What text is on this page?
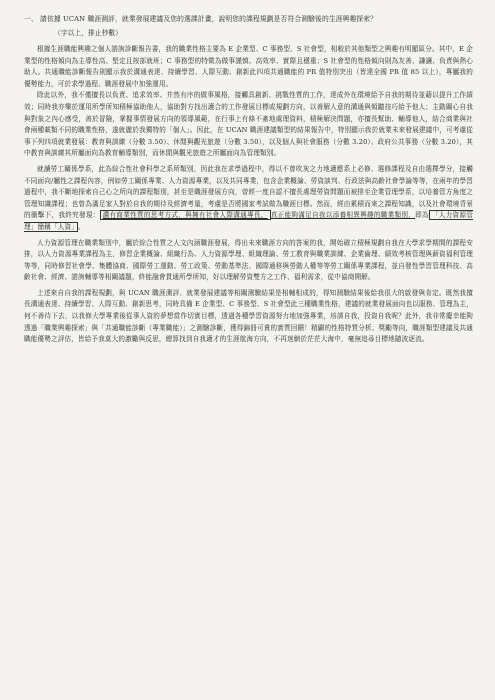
一、 請依據 UCAN 職涯測評，就業發展建議及您的選課計畫，說明您的課程規劃是否符合測驗後的生涯興趣探索？

（字以上，排止杪數）

根據生涯職能興趣之個人諮詢診斷報告書，我的職業性格主要為 E 企業型、C 事務型、S 社會型，相較於其他類型之興趣有明顯區分。其中，E 企業型的性格傾向為主導性高、堅定且按部就班；C 事務型的特徵為做事謹慎、高效率、實際且穩重；S 社會型的性格傾向則為友善、謙讓、負責與熱心助人。共通職能診斷報告則顯示我於溝通表達、持續學習、人際互動、創新此四項共通職能的 PR 值特別突出（皆達全國 PR 值 85 以上），專屬我的優勢能力，可於求學過程、職涯發展中加強運用。

除此以外，我不僅擅長以負責、追求效率、井然有序的做事風格，接觸具創新、挑戰性質的工作，達成外在環境給予自我的期待並藉以提升工作績效；同時我亦樂於運用所學所知積極協助他人，協助對方找出適合的工作發展目標或規劃方向，以善解人意的溝通與傾聽技巧給予他人；主動關心自我與對象之內心感受，善於冒險，掌握事情發展方向的領導風範，在行事上有條不紊地處理資料，積極解決問題，亦擅長幫助、輔導他人，結合商業與社會兩種載類不同的職業性格，遂就麗於我獨特的「個人」。因此，在 UCAN 職涯建議類型的結果報告中，特別顯示我於就業未來發展建議中，可考慮從事下列四項就業發展：教育與訓練（分數 3.50）、休閒與觀光旅遊（分數 3.50），以及個人與社會服務（分數 3.20）、政府公共事務（分數 3.20），其中教育與訓練其所屬面向為教育輔導類別，而休閒與觀光旅遊之所屬面向為管理類別。

就讀勞工關係學系，此為綜合性社會科學之系所類別，因此我在求學過程中，得以不曾吹灰之力地適應系上必修、選修課程及自由選擇學分，接觸不同面向/屬性之課程內容，例如勞工關係專業、人力資源專業，以及共同專業，包含企業概論、勞資談判、行政法與高齡社會學論等等，在兩年的學習過程中，我不斷地探索自己心之所向的課程類別，甚至是職涯發展方向，曾經一度自認不擅長處理勞資問題而被排至企業管理學系，以培養管方角度之管理知識課程；也曾為滿足家人對於自我的期待及經濟考量，考慮是否將國家考試做為職涯目標。然而，經由累積而來之課程知識，以及社會環境背景的衝擊下，我終究發現： 濃有商業性質的思考方式，與擁有社會人際溝通專長， 真正能夠滿足自我以添養相異興趣的職業類別，即為 「人力資源管理」簡稱「人資」 。

人力資源管理在職業類別中，屬於綜合性質之人文內涵職涯發展，得出未來職涯方向的答案的我，開始確立積極規劃自我在大學求學期間的課程安排，以人力資源專業課程為主，修習企業概論、組織行為、人力資源學理、組織理論、勞工教育與職業訓練、企業倫理、績效考核管理與薪資福利管理等等，同時修習社會學、集體協商、國際勞工運動、勞工政策、勞動基準法、國際通移與勞動人權等等勞工關係專業課程，並自發性學習管理科技、高齡社會、經濟、諮詢輔導等相關議題，終能融會貫通所學所知，好以理解勞資雙方之工作、福利需求，從中協商開解。

上述來自自我的課程規劃，與 UCAN 職涯測評、就業發展建議等相關測驗結果是相輔相成的，得知測驗結果後給我很大的啟發與肯定。既然我擅長溝通表達、持續學習、人際互動、創新思考，同時具備 E 企業型、C 事務型、S 社會型此三種職業性格，建議的就業發展面向也以服務、管理為主，何不善待下去，以我修大學專業後從事人資的夢想當作切實目標，透過各種學習資源努力地加強專業，培訓自我，投資自我呢？此外，我非常慶幸能夠透過「職業興趣探索」與「共通職能診斷（專業職能）」之測驗診斷，獲得錦冊可貴的實質回饋！精闢的性格特質分析、獎勵等向，職涯類型建議及共通職能優勢之評估，皆給予我莫大的激勵與反思，總算找到自我適才的生涯航海方向，不再迷網於茫茫大海中，毫無追尋目標地隨波逐流。
